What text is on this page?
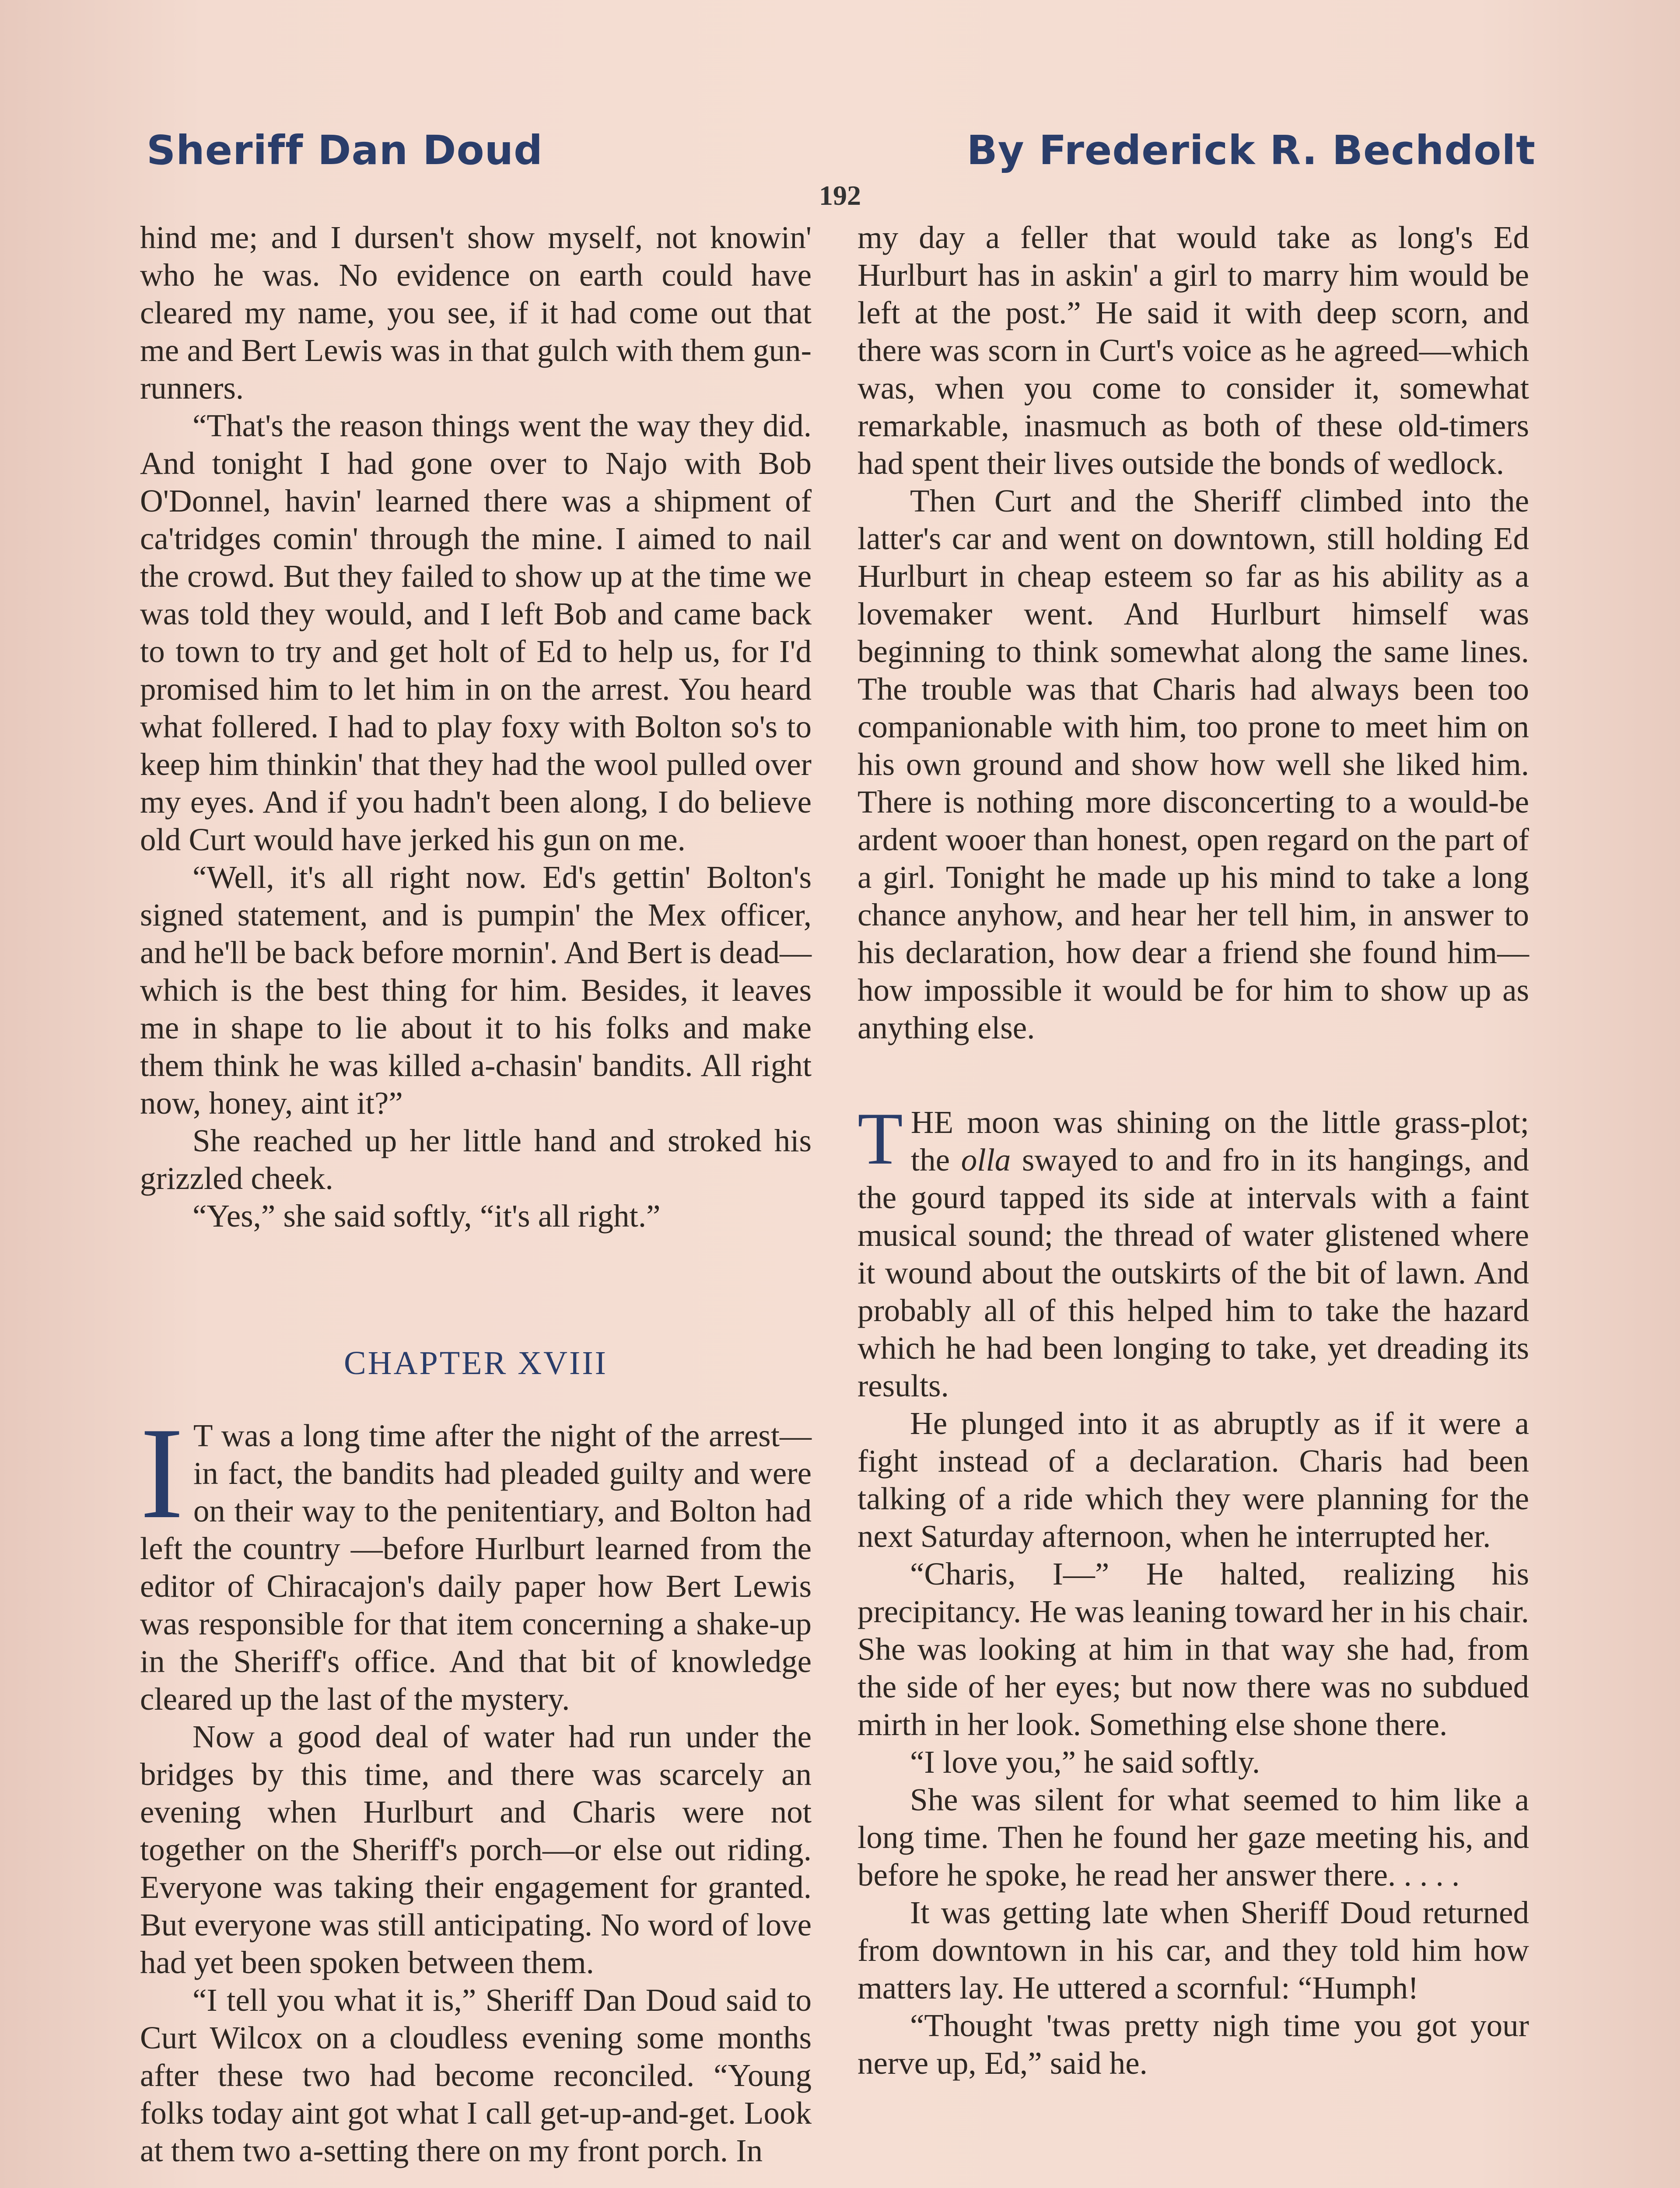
Sheriff Dan Doud	By Frederick R. Bechdolt
192

hind me; and I dursen't show myself, not knowin' who he was. No evidence on earth could have cleared my name, you see, if it had come out that me and Bert Lewis was in that gulch with them gun-runners.

“That's the reason things went the way they did. And tonight I had gone over to Najo with Bob O'Donnel, havin' learned there was a shipment of ca'tridges comin' through the mine. I aimed to nail the crowd. But they failed to show up at the time we was told they would, and I left Bob and came back to town to try and get holt of Ed to help us, for I'd promised him to let him in on the arrest. You heard what follered. I had to play foxy with Bolton so's to keep him thinkin' that they had the wool pulled over my eyes. And if you hadn't been along, I do believe old Curt would have jerked his gun on me.

“Well, it's all right now. Ed's gettin' Bolton's signed statement, and is pumpin' the Mex officer, and he'll be back before mornin'. And Bert is dead—which is the best thing for him. Besides, it leaves me in shape to lie about it to his folks and make them think he was killed a-chasin' bandits. All right now, honey, aint it?”

She reached up her little hand and stroked his grizzled cheek.

“Yes,” she said softly, “it's all right.”

CHAPTER XVIII

I T was a long time after the night of the arrest—in fact, the bandits had pleaded guilty and were on their way to the penitentiary, and Bolton had left the country —before Hurlburt learned from the editor of Chiracajon's daily paper how Bert Lewis was responsible for that item concerning a shake-up in the Sheriff's office. And that bit of knowledge cleared up the last of the mystery.

Now a good deal of water had run under the bridges by this time, and there was scarcely an evening when Hurlburt and Charis were not together on the Sheriff's porch—or else out riding. Everyone was taking their engagement for granted. But everyone was still anticipating. No word of love had yet been spoken between them.

“I tell you what it is,” Sheriff Dan Doud said to Curt Wilcox on a cloudless evening some months after these two had become reconciled. “Young folks today aint got what I call get-up-and-get. Look at them two a-setting there on my front porch. In

my day a feller that would take as long's Ed Hurlburt has in askin' a girl to marry him would be left at the post.” He said it with deep scorn, and there was scorn in Curt's voice as he agreed—which was, when you come to consider it, somewhat remarkable, inasmuch as both of these old-timers had spent their lives outside the bonds of wedlock.

Then Curt and the Sheriff climbed into the latter's car and went on downtown, still holding Ed Hurlburt in cheap esteem so far as his ability as a lovemaker went. And Hurlburt himself was beginning to think somewhat along the same lines. The trouble was that Charis had always been too companionable with him, too prone to meet him on his own ground and show how well she liked him. There is nothing more disconcerting to a would-be ardent wooer than honest, open regard on the part of a girl. Tonight he made up his mind to take a long chance anyhow, and hear her tell him, in answer to his declaration, how dear a friend she found him—how impossible it would be for him to show up as anything else.

THE moon was shining on the little grass-plot; the olla swayed to and fro in its hangings, and the gourd tapped its side at intervals with a faint musical sound; the thread of water glistened where it wound about the outskirts of the bit of lawn. And probably all of this helped him to take the hazard which he had been longing to take, yet dreading its results.

He plunged into it as abruptly as if it were a fight instead of a declaration. Charis had been talking of a ride which they were planning for the next Saturday afternoon, when he interrupted her.

“Charis, I—” He halted, realizing his precipitancy. He was leaning toward her in his chair. She was looking at him in that way she had, from the side of her eyes; but now there was no subdued mirth in her look. Something else shone there.

“I love you,” he said softly.

She was silent for what seemed to him like a long time. Then he found her gaze meeting his, and before he spoke, he read her answer there. . . . .

It was getting late when Sheriff Doud returned from downtown in his car, and they told him how matters lay. He uttered a scornful: “Humph!

“Thought 'twas pretty nigh time you got your nerve up, Ed,” said he.
